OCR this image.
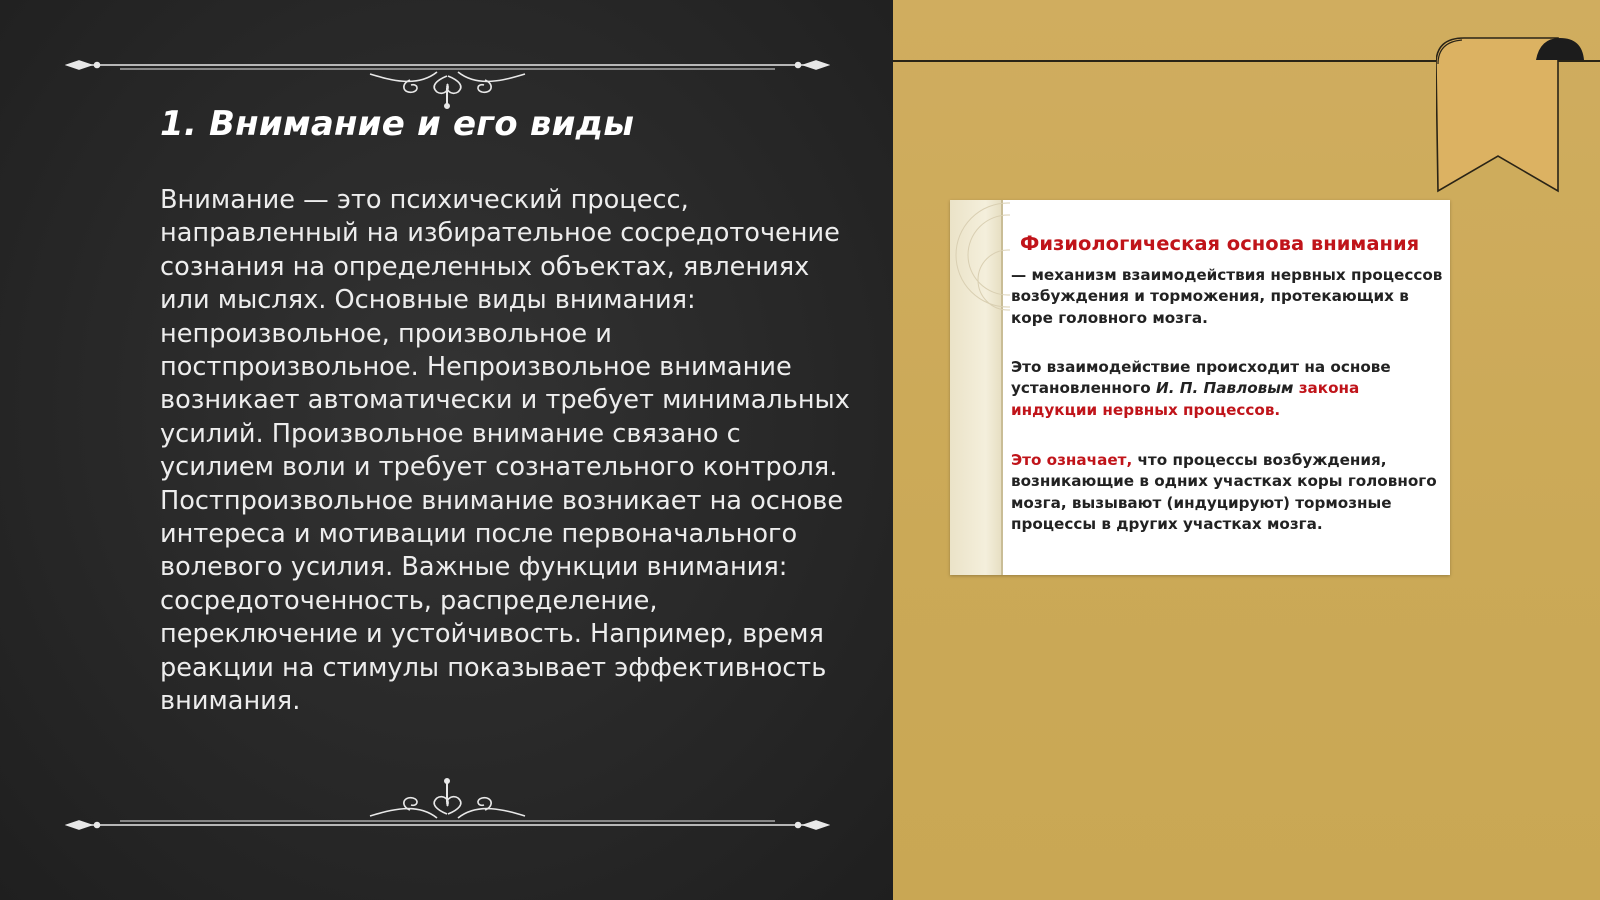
1. Внимание и его виды
Внимание — это психический процесс, направленный на избирательное сосредоточение сознания на определенных объектах, явлениях или мыслях. Основные виды внимания: непроизвольное, произвольное и постпроизвольное. Непроизвольное внимание возникает автоматически и требует минимальных усилий. Произвольное внимание связано с усилием воли и требует сознательного контроля. Постпроизвольное внимание возникает на основе интереса и мотивации после первоначального волевого усилия. Важные функции внимания: сосредоточенность, распределение, переключение и устойчивость. Например, время реакции на стимулы показывает эффективность внимания.
Физиологическая основа внимания
— механизм взаимодействия нервных процессов возбуждения и торможения, протекающих в коре головного мозга.
Это взаимодействие происходит на основе установленного И. П. Павловым закона индукции нервных процессов.
Это означает, что процессы возбуждения, возникающие в одних участках коры головного мозга, вызывают (индуцируют) тормозные процессы в других участках мозга.
